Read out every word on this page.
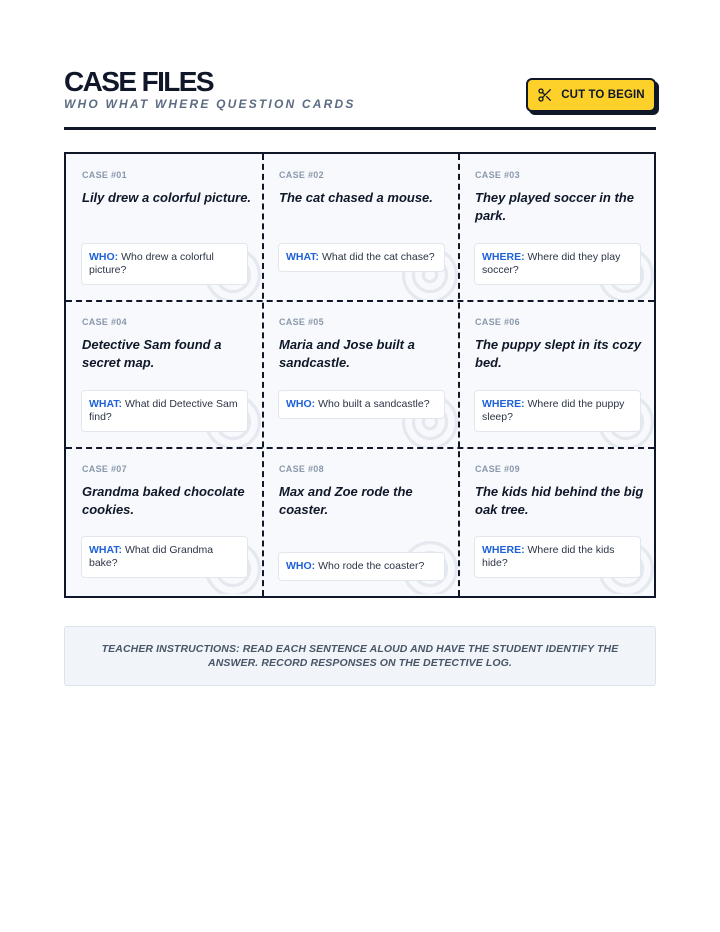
CASE FILES
WHO WHAT WHERE QUESTION CARDS
CUT TO BEGIN
CASE #01
Lily drew a colorful picture.
WHO: Who drew a colorful picture?
CASE #02
The cat chased a mouse.
WHAT: What did the cat chase?
CASE #03
They played soccer in the park.
WHERE: Where did they play soccer?
CASE #04
Detective Sam found a secret map.
WHAT: What did Detective Sam find?
CASE #05
Maria and Jose built a sandcastle.
WHO: Who built a sandcastle?
CASE #06
The puppy slept in its cozy bed.
WHERE: Where did the puppy sleep?
CASE #07
Grandma baked chocolate cookies.
WHAT: What did Grandma bake?
CASE #08
Max and Zoe rode the coaster.
WHO: Who rode the coaster?
CASE #09
The kids hid behind the big oak tree.
WHERE: Where did the kids hide?

TEACHER INSTRUCTIONS: READ EACH SENTENCE ALOUD AND HAVE THE STUDENT IDENTIFY THE ANSWER. RECORD RESPONSES ON THE DETECTIVE LOG.
